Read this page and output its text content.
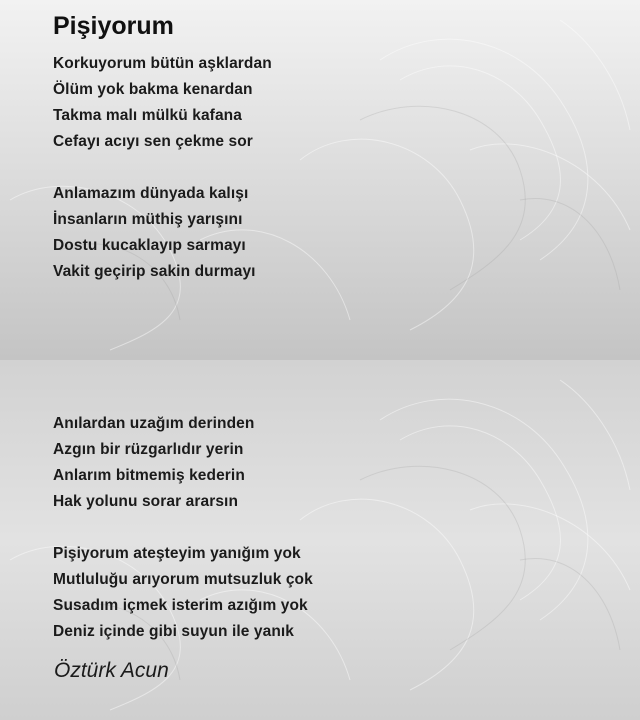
Pişiyorum
Korkuyorum bütün aşklardan
Ölüm yok bakma kenardan
Takma malı mülkü kafana
Cefayı acıyı sen çekme sor
Anlamazım dünyada kalışı
İnsanların müthiş yarışını
Dostu kucaklayıp sarmayı
Vakit geçirip sakin durmayı
Anılardan uzağım derinden
Azgın bir rüzgarlıdır yerin
Anlarım bitmemiş kederin
Hak yolunu sorar ararsın
Pişiyorum ateşteyim yanığım yok
Mutluluğu arıyorum mutsuzluk çok
Susadım içmek isterim azığım yok
Deniz içinde gibi suyun ile yanık

Öztürk Acun
